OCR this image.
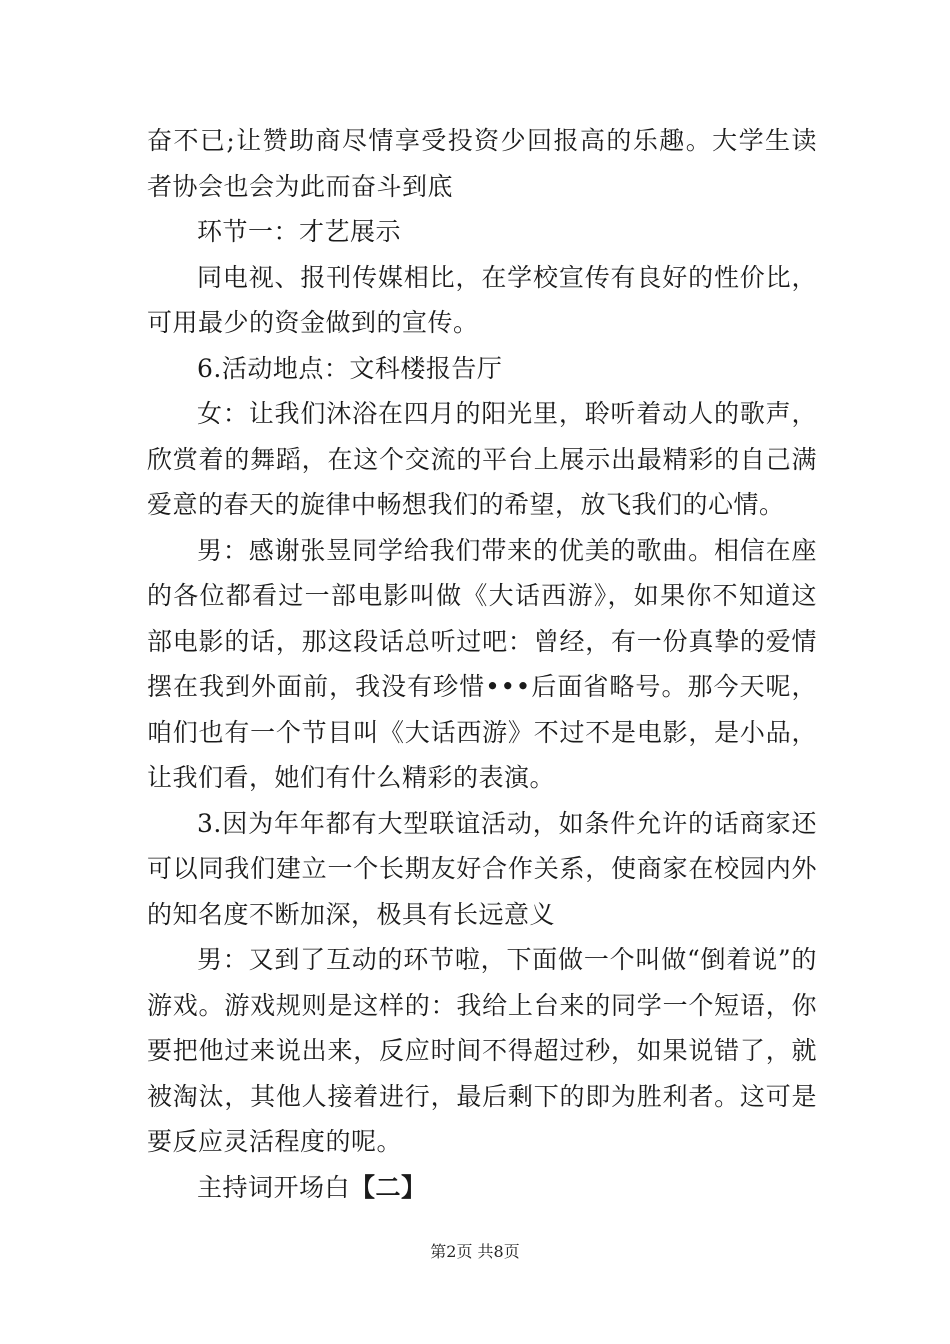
奋不已;让赞助商尽情享受投资少回报高的乐趣。大学生读者协会也会为此而奋斗到底

环节一：才艺展示

同电视、报刊传媒相比，在学校宣传有良好的性价比，可用最少的资金做到的宣传。

6.活动地点：文科楼报告厅

女：让我们沐浴在四月的阳光里，聆听着动人的歌声，欣赏着的舞蹈，在这个交流的平台上展示出最精彩的自己满爱意的春天的旋律中畅想我们的希望，放飞我们的心情。

男：感谢张昱同学给我们带来的优美的歌曲。相信在座的各位都看过一部电影叫做《大话西游》，如果你不知道这部电影的话，那这段话总听过吧：曾经，有一份真挚的爱情摆在我到外面前，我没有珍惜•••后面省略号。那今天呢，咱们也有一个节目叫《大话西游》不过不是电影，是小品，让我们看，她们有什么精彩的表演。

3.因为年年都有大型联谊活动，如条件允许的话商家还可以同我们建立一个长期友好合作关系，使商家在校园内外的知名度不断加深，极具有长远意义

男：又到了互动的环节啦，下面做一个叫做“倒着说”的游戏。游戏规则是这样的：我给上台来的同学一个短语，你要把他过来说出来，反应时间不得超过秒，如果说错了，就被淘汰，其他人接着进行，最后剩下的即为胜利者。这可是要反应灵活程度的呢。

主持词开场白【二】

第2页 共8页
